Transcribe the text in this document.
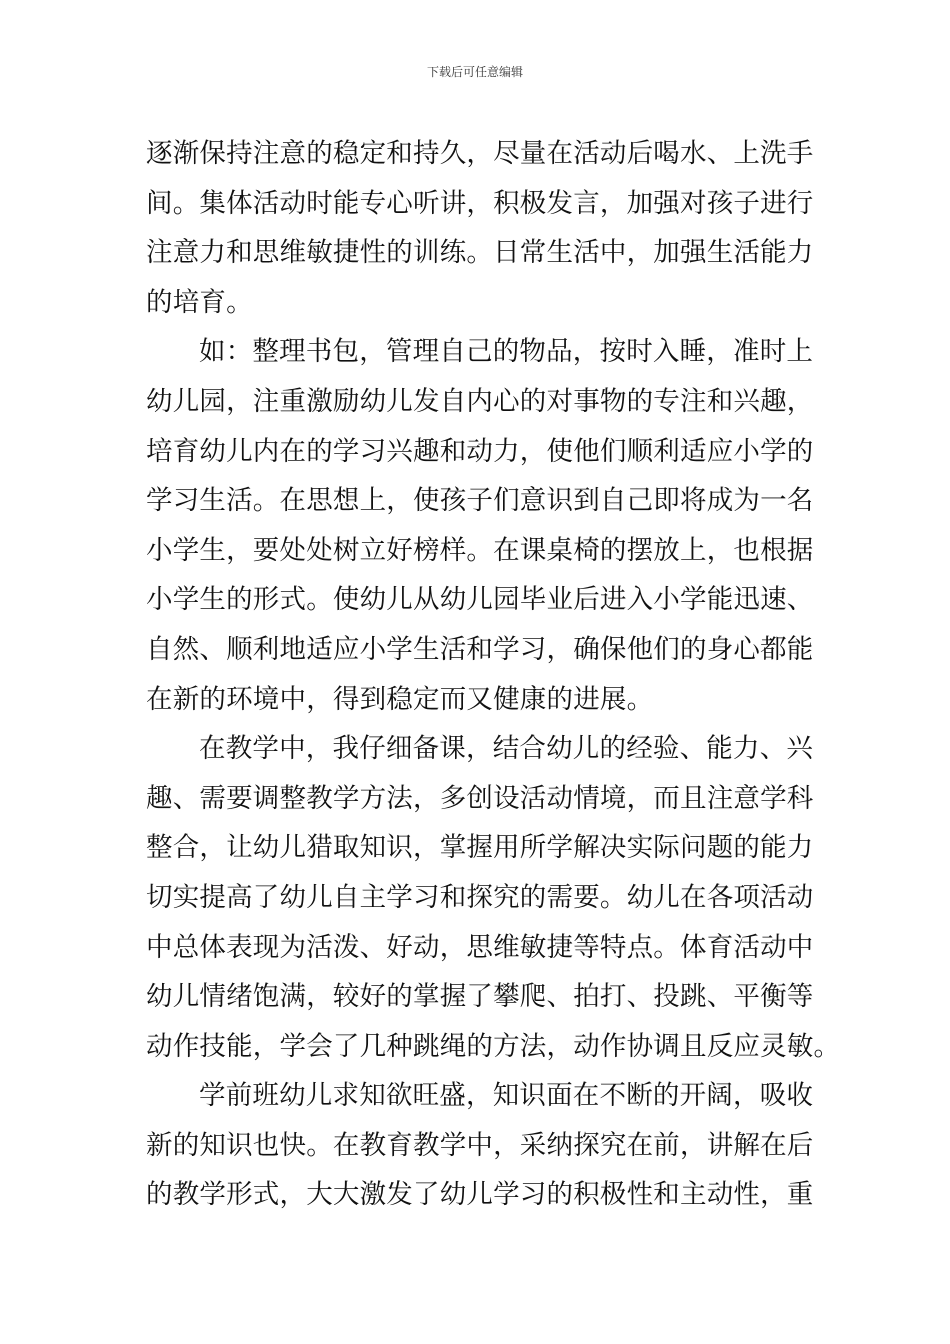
下载后可任意编辑
逐渐保持注意的稳定和持久，尽量在活动后喝水、上洗手
间。集体活动时能专心听讲，积极发言，加强对孩子进行
注意力和思维敏捷性的训练。日常生活中，加强生活能力
的培育。
如：整理书包，管理自己的物品，按时入睡，准时上
幼儿园，注重激励幼儿发自内心的对事物的专注和兴趣，
培育幼儿内在的学习兴趣和动力，使他们顺利适应小学的
学习生活。在思想上，使孩子们意识到自己即将成为一名
小学生，要处处树立好榜样。在课桌椅的摆放上，也根据
小学生的形式。使幼儿从幼儿园毕业后进入小学能迅速、
自然、顺利地适应小学生活和学习，确保他们的身心都能
在新的环境中，得到稳定而又健康的进展。
在教学中，我仔细备课，结合幼儿的经验、能力、兴
趣、需要调整教学方法，多创设活动情境，而且注意学科
整合，让幼儿猎取知识，掌握用所学解决实际问题的能力
切实提高了幼儿自主学习和探究的需要。幼儿在各项活动
中总体表现为活泼、好动，思维敏捷等特点。体育活动中
幼儿情绪饱满，较好的掌握了攀爬、拍打、投跳、平衡等
动作技能，学会了几种跳绳的方法，动作协调且反应灵敏。
学前班幼儿求知欲旺盛，知识面在不断的开阔，吸收
新的知识也快。在教育教学中，采纳探究在前，讲解在后
的教学形式，大大激发了幼儿学习的积极性和主动性，重
